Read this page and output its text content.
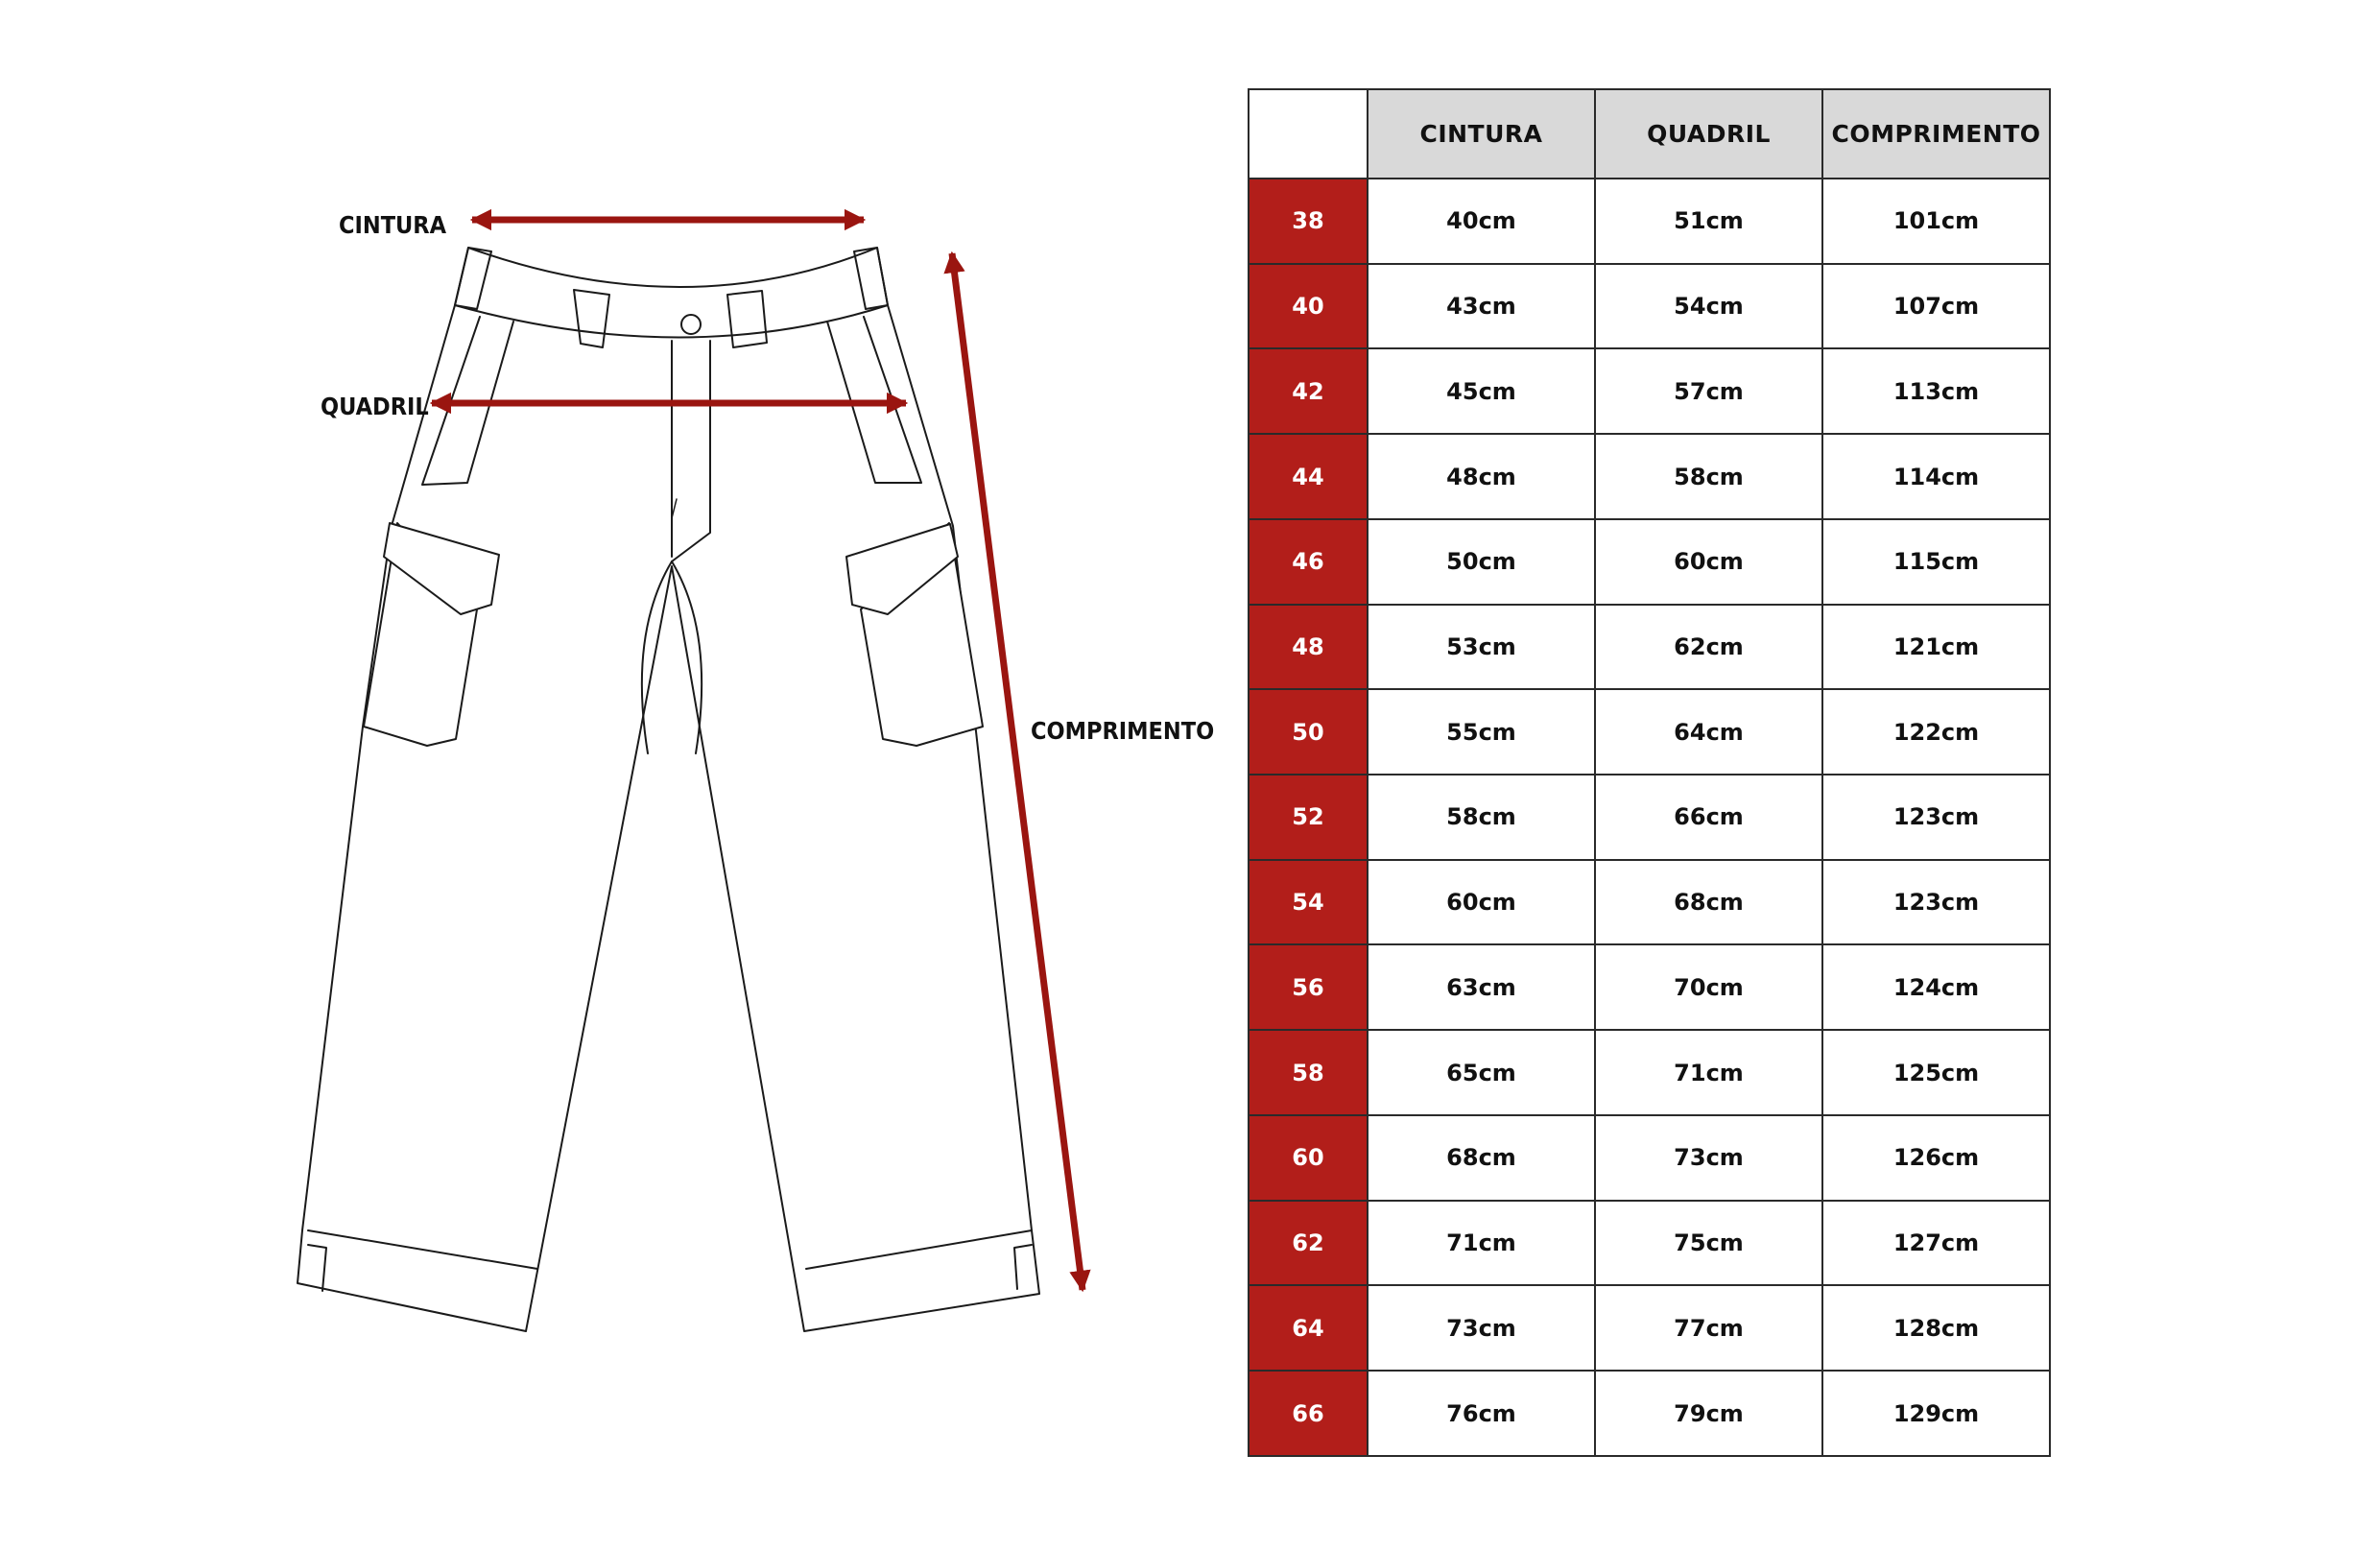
CINTURA
QUADRIL
COMPRIMENTO
	CINTURA	QUADRIL	COMPRIMENTO
38	40cm	51cm	101cm
40	43cm	54cm	107cm
42	45cm	57cm	113cm
44	48cm	58cm	114cm
46	50cm	60cm	115cm
48	53cm	62cm	121cm
50	55cm	64cm	122cm
52	58cm	66cm	123cm
54	60cm	68cm	123cm
56	63cm	70cm	124cm
58	65cm	71cm	125cm
60	68cm	73cm	126cm
62	71cm	75cm	127cm
64	73cm	77cm	128cm
66	76cm	79cm	129cm
